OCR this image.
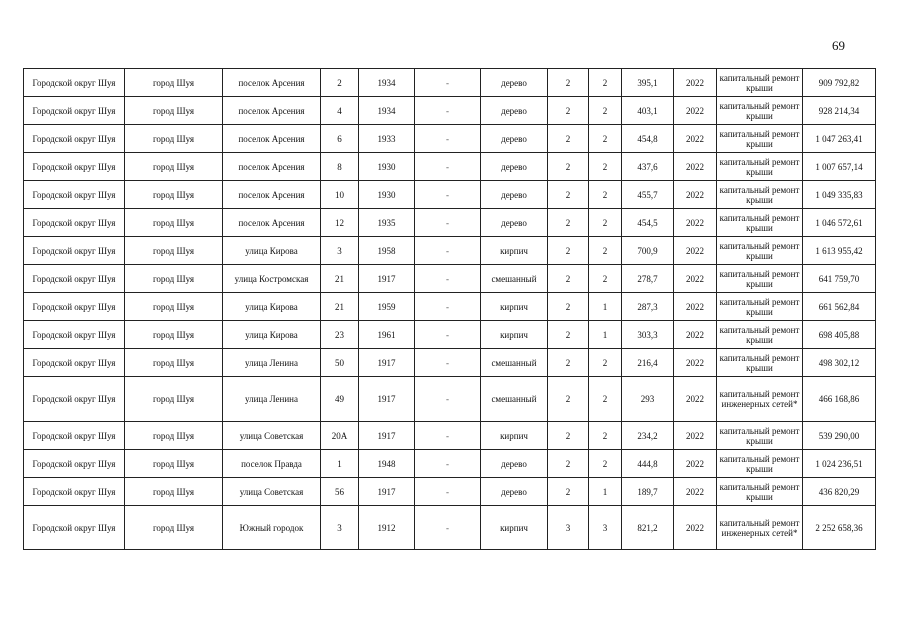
69
Городской округ Шуя	город Шуя	поселок Арсения	2	1934	-	дерево	2	2	395,1	2022	капитальный ремонт крыши	909 792,82
Городской округ Шуя	город Шуя	поселок Арсения	4	1934	-	дерево	2	2	403,1	2022	капитальный ремонт крыши	928 214,34
Городской округ Шуя	город Шуя	поселок Арсения	6	1933	-	дерево	2	2	454,8	2022	капитальный ремонт крыши	1 047 263,41
Городской округ Шуя	город Шуя	поселок Арсения	8	1930	-	дерево	2	2	437,6	2022	капитальный ремонт крыши	1 007 657,14
Городской округ Шуя	город Шуя	поселок Арсения	10	1930	-	дерево	2	2	455,7	2022	капитальный ремонт крыши	1 049 335,83
Городской округ Шуя	город Шуя	поселок Арсения	12	1935	-	дерево	2	2	454,5	2022	капитальный ремонт крыши	1 046 572,61
Городской округ Шуя	город Шуя	улица Кирова	3	1958	-	кирпич	2	2	700,9	2022	капитальный ремонт крыши	1 613 955,42
Городской округ Шуя	город Шуя	улица Костромская	21	1917	-	смешанный	2	2	278,7	2022	капитальный ремонт крыши	641 759,70
Городской округ Шуя	город Шуя	улица Кирова	21	1959	-	кирпич	2	1	287,3	2022	капитальный ремонт крыши	661 562,84
Городской округ Шуя	город Шуя	улица Кирова	23	1961	-	кирпич	2	1	303,3	2022	капитальный ремонт крыши	698 405,88
Городской округ Шуя	город Шуя	улица Ленина	50	1917	-	смешанный	2	2	216,4	2022	капитальный ремонт крыши	498 302,12
Городской округ Шуя	город Шуя	улица Ленина	49	1917	-	смешанный	2	2	293	2022	капитальный ремонт инженерных сетей*	466 168,86
Городской округ Шуя	город Шуя	улица Советская	20А	1917	-	кирпич	2	2	234,2	2022	капитальный ремонт крыши	539 290,00
Городской округ Шуя	город Шуя	поселок Правда	1	1948	-	дерево	2	2	444,8	2022	капитальный ремонт крыши	1 024 236,51
Городской округ Шуя	город Шуя	улица Советская	56	1917	-	дерево	2	1	189,7	2022	капитальный ремонт крыши	436 820,29
Городской округ Шуя	город Шуя	Южный городок	3	1912	-	кирпич	3	3	821,2	2022	капитальный ремонт инженерных сетей*	2 252 658,36
